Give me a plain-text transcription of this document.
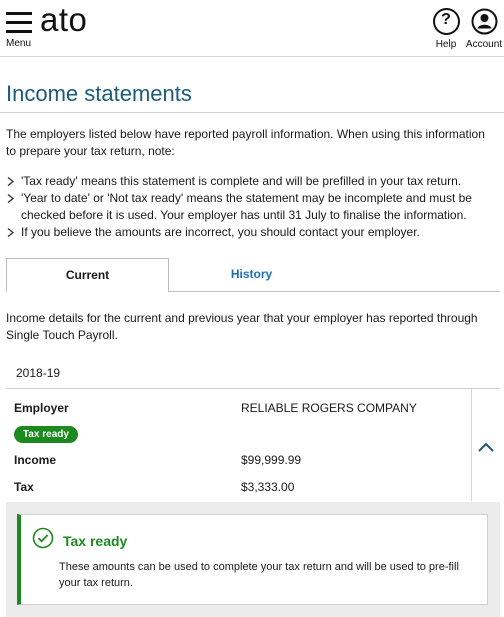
Menu
ato	?
Help Account
Income statements
The employers listed below have reported payroll information. When using this information to prepare your tax return, note:
'Tax ready' means this statement is complete and will be prefilled in your tax return.
'Year to date' or 'Not tax ready' means the statement may be incomplete and must be checked before it is used. Your employer has until 31 July to finalise the information.
If you believe the amounts are incorrect, you should contact your employer.
Current	History
Income details for the current and previous year that your employer has reported through Single Touch Payroll.
2018-19
Employer	RELIABLE ROGERS COMPANY
Tax ready
Income	$99,999.99
Tax	$3,333.00
Tax ready
These amounts can be used to complete your tax return and will be used to pre-fill your tax return.
